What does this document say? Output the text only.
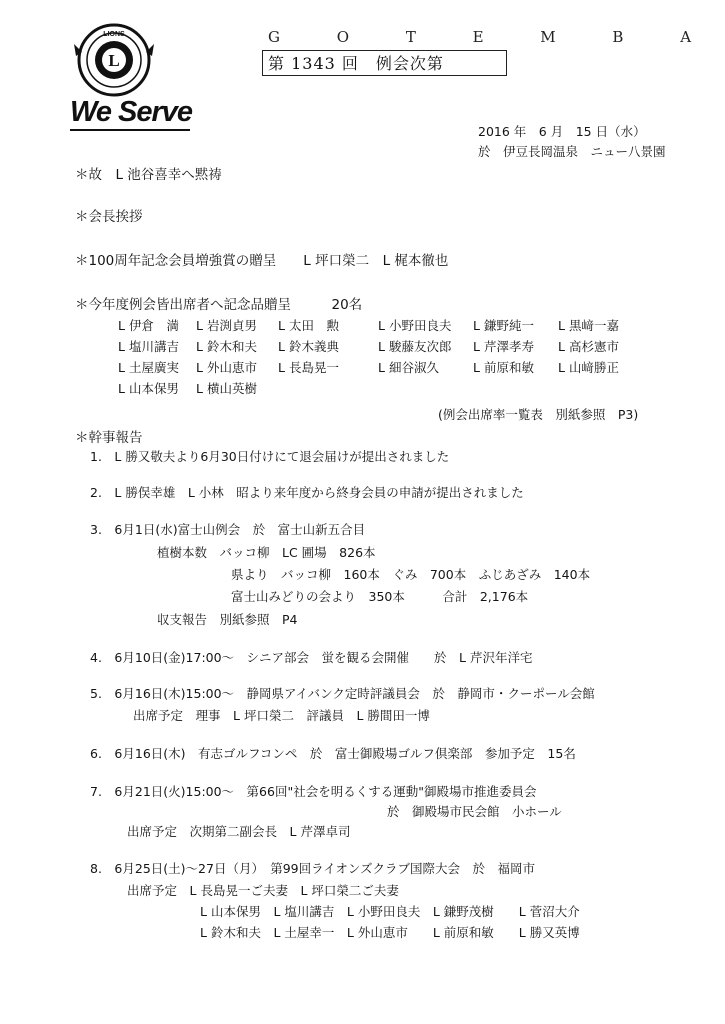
L
LIONS
We Serve
G O T E M B A
第 1343 回　例会次第
2016 年　6 月　15 日（水）
於　伊豆長岡温泉　ニュー八景園
＊故　L 池谷喜幸へ黙祷
＊会長挨拶
＊100周年記念会員増強賞の贈呈　　L 坪口榮二　L 梶本徹也
＊今年度例会皆出席者へ記念品贈呈　　　20名
L 伊倉　満 L 岩渕貞男 L 太田　勲	L 小野田良夫 L 鎌野純一 L 黒﨑一嘉
L 塩川講吉 L 鈴木和夫 L 鈴木義典	L 駿藤友次郎 L 芹澤孝寿 L 高杉憲市
L 土屋廣実 L 外山恵市 L 長島晃一	L 細谷淑久	L 前原和敏 L 山﨑勝正
L 山本保男 L 横山英樹
(例会出席率一覧表　別紙参照　P3)
＊幹事報告
1.　L 勝又敬夫より6月30日付けにて退会届けが提出されました
2.　L 勝俣幸雄　L 小林　昭より来年度から終身会員の申請が提出されました
3.　6月1日(水)富士山例会　於　富士山新五合目
植樹本数　バッコ柳　LC 圃場　826本
県より　バッコ柳　160本　ぐみ　700本　ふじあざみ　140本
富士山みどりの会より　350本　　　合計　2,176本
収支報告　別紙参照　P4
4.　6月10日(金)17:00～　シニア部会　蛍を観る会開催　　於　L 芹沢年洋宅
5.　6月16日(木)15:00～　静岡県アイバンク定時評議員会　於　静岡市・クーポール会館
出席予定　理事　L 坪口榮二　評議員　L 勝間田一博
6.　6月16日(木)　有志ゴルフコンペ　於　富士御殿場ゴルフ倶楽部　参加予定　15名
7.　6月21日(火)15:00～　第66回"社会を明るくする運動"御殿場市推進委員会
於　御殿場市民会館　小ホール
出席予定　次期第二副会長　L 芹澤卓司
8.　6月25日(土)～27日（月）　第99回ライオンズクラブ国際大会　於　福岡市
出席予定　L 長島晃一ご夫妻　L 坪口榮二ご夫妻
L 山本保男　L 塩川講吉　L 小野田良夫　L 鎌野茂樹　　L 菅沼大介
L 鈴木和夫　L 土屋幸一　L 外山恵市　　L 前原和敏　　L 勝又英博
